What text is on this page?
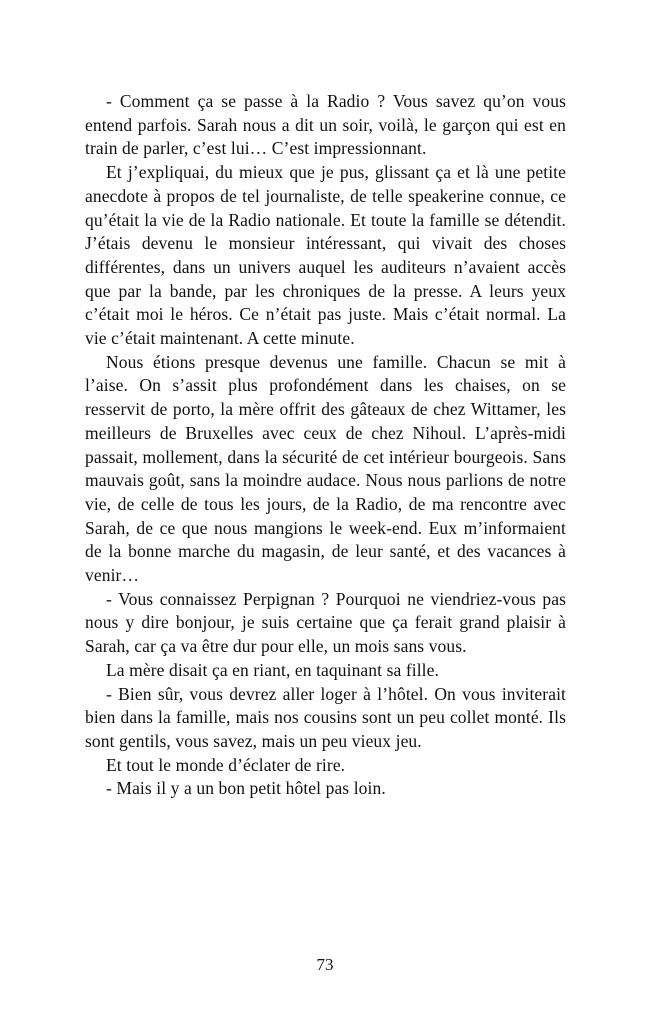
- Comment ça se passe à la Radio ? Vous savez qu’on vous entend parfois. Sarah nous a dit un soir, voilà, le garçon qui est en train de parler, c’est lui… C’est impressionnant.

Et j’expliquai, du mieux que je pus, glissant ça et là une petite anecdote à propos de tel journaliste, de telle speakerine connue, ce qu’était la vie de la Radio nationale. Et toute la famille se détendit. J’étais devenu le monsieur intéressant, qui vivait des choses différentes, dans un univers auquel les auditeurs n’avaient accès que par la bande, par les chroniques de la presse. A leurs yeux c’était moi le héros. Ce n’était pas juste. Mais c’était normal. La vie c’était maintenant. A cette minute.

Nous étions presque devenus une famille. Chacun se mit à l’aise. On s’assit plus profondément dans les chaises, on se resservit de porto, la mère offrit des gâteaux de chez Wittamer, les meilleurs de Bruxelles avec ceux de chez Nihoul. L’après-midi passait, mollement, dans la sécurité de cet intérieur bourgeois. Sans mauvais goût, sans la moindre audace. Nous nous parlions de notre vie, de celle de tous les jours, de la Radio, de ma rencontre avec Sarah, de ce que nous mangions le week-end. Eux m’informaient de la bonne marche du magasin, de leur santé, et des vacances à venir…

- Vous connaissez Perpignan ? Pourquoi ne viendriez-vous pas nous y dire bonjour, je suis certaine que ça ferait grand plaisir à Sarah, car ça va être dur pour elle, un mois sans vous.

La mère disait ça en riant, en taquinant sa fille.

- Bien sûr, vous devrez aller loger à l’hôtel. On vous inviterait bien dans la famille, mais nos cousins sont un peu collet monté. Ils sont gentils, vous savez, mais un peu vieux jeu.

Et tout le monde d’éclater de rire.

- Mais il y a un bon petit hôtel pas loin.

73
